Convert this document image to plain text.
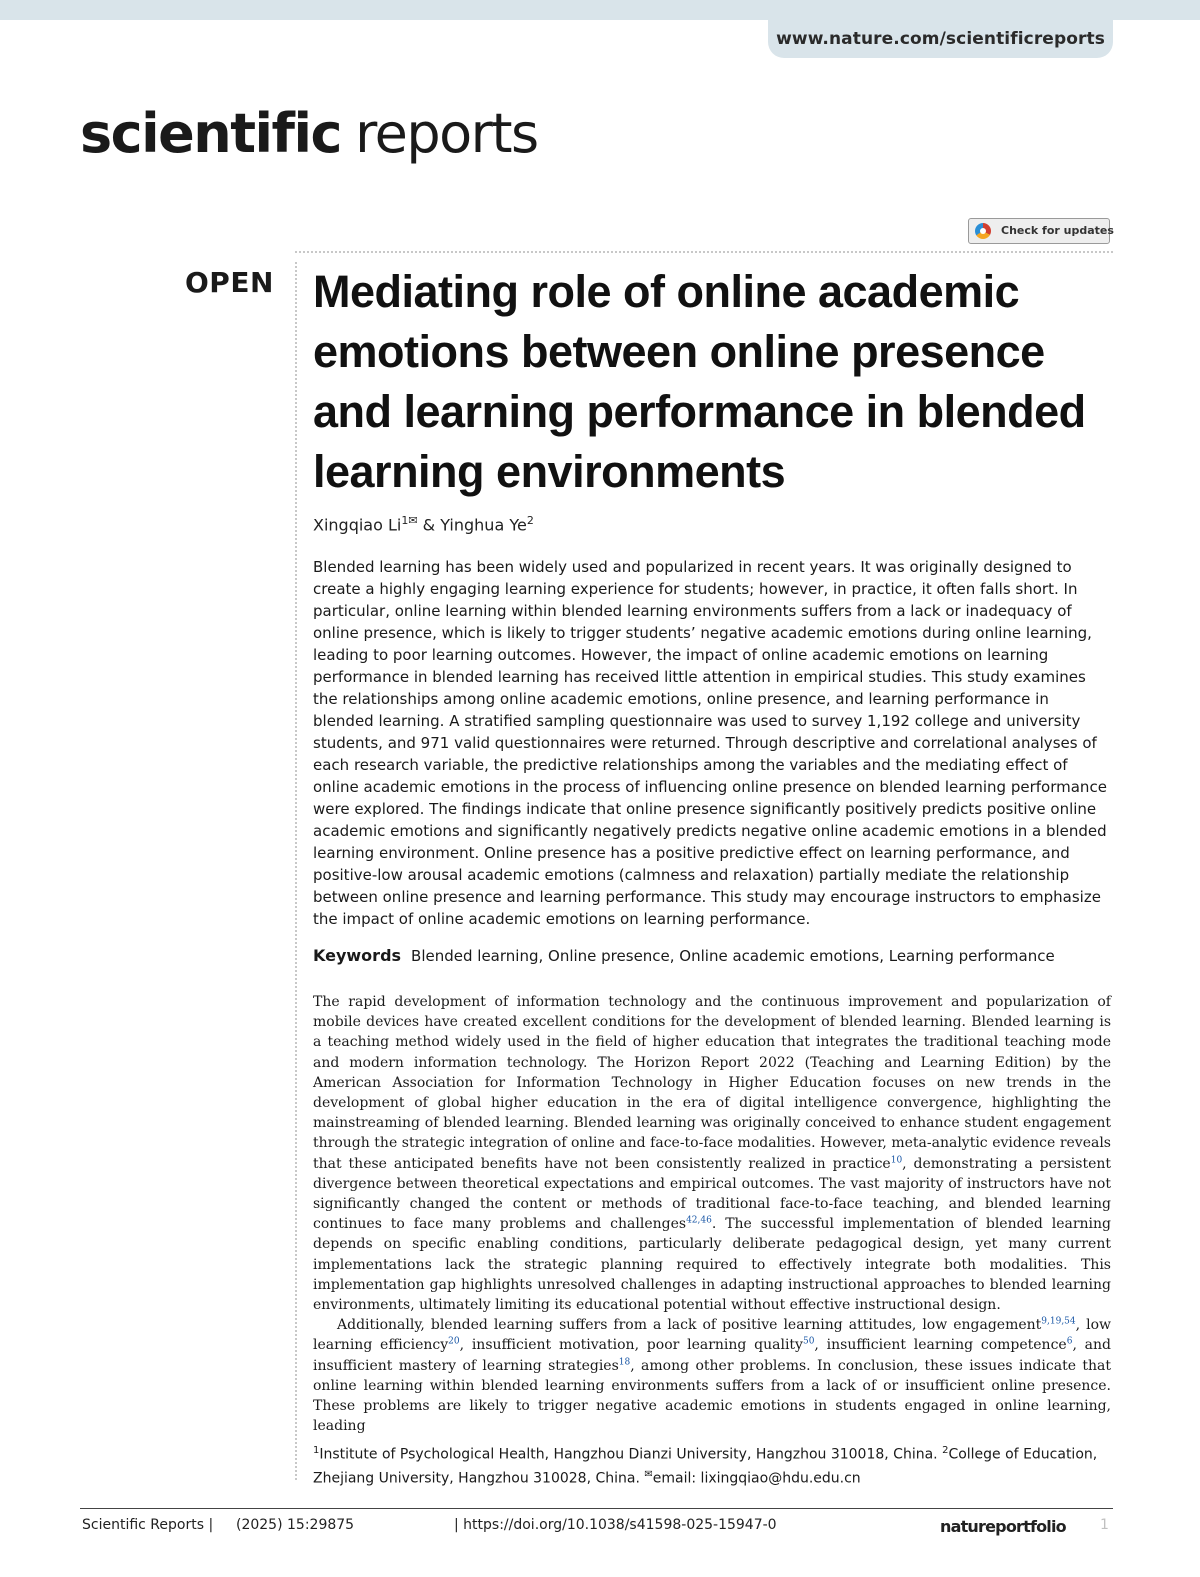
www.nature.com/scientificreports
scientific reports
Check for updates
OPEN Mediating role of online academic emotions between online presence and learning performance in blended learning environments
Xingqiao $Li^{1✉}$ & Yinghua Ye$^2$

Blended learning has been widely used and popularized in recent years. It was originally designed to create a highly engaging learning experience for students; however, in practice, it often falls short. In particular, online learning within blended learning environments suffers from a lack or inadequacy of online presence, which is likely to trigger students’ negative academic emotions during online learning, leading to poor learning outcomes. However, the impact of online academic emotions on learning performance in blended learning has received little attention in empirical studies. This study examines the relationships among online academic emotions, online presence, and learning performance in blended learning. A stratified sampling questionnaire was used to survey 1,192 college and university students, and 971 valid questionnaires were returned. Through descriptive and correlational analyses of each research variable, the predictive relationships among the variables and the mediating effect of online academic emotions in the process of influencing online presence on blended learning performance were explored. The findings indicate that online presence significantly positively predicts positive online academic emotions and significantly negatively predicts negative online academic emotions in a blended learning environment. Online presence has a positive predictive effect on learning performance, and positive-low arousal academic emotions (calmness and relaxation) partially mediate the relationship between online presence and learning performance. This study may encourage instructors to emphasize the impact of online academic emotions on learning performance.

Keywords Blended learning, Online presence, Online academic emotions, Learning performance

The rapid development of information technology and the continuous improvement and popularization of mobile devices have created excellent conditions for the development of blended learning. Blended learning is a teaching method widely used in the field of higher education that integrates the traditional teaching mode and modern information technology. The Horizon Report 2022 (Teaching and Learning Edition) by the American Association for Information Technology in Higher Education focuses on new trends in the development of global higher education in the era of digital intelligence convergence, highlighting the mainstreaming of blended learning. Blended learning was originally conceived to enhance student engagement through the strategic integration of online and face-to-face modalities. However, meta-analytic evidence reveals that these anticipated benefits have not been consistently realized in practice$^{10}$, demonstrating a persistent divergence between theoretical expectations and empirical outcomes. The vast majority of instructors have not significantly changed the content or methods of traditional face-to-face teaching, and blended learning continues to face many problems and challenges$^{42,46}$. The successful implementation of blended learning depends on specific enabling conditions, particularly deliberate pedagogical design, yet many current implementations lack the strategic planning required to effectively integrate both modalities. This implementation gap highlights unresolved challenges in adapting instructional approaches to blended learning environments, ultimately limiting its educational potential without effective instructional design.

Additionally, blended learning suffers from a lack of positive learning attitudes, low engagement$^{9,19,54}$, low learning efficiency$^{20}$, insufficient motivation, poor learning quality$^{50}$, insufficient learning competence$^6$, and insufficient mastery of learning strategies$^{18}$, among other problems. In conclusion, these issues indicate that online learning within blended learning environments suffers from a lack of or insufficient online presence. These problems are likely to trigger negative academic emotions in students engaged in online learning, leading

$^1$Institute of Psychological Health, Hangzhou Dianzi University, Hangzhou 310018, China. $^2$College of Education, Zhejiang University, Hangzhou 310028, China. ✉email: lixingqiao@hdu.edu.cn
Scientific Reports | (2025) 15:29875	| https://doi.org/10.1038/s41598-025-15947-0	natureportfolio 1
